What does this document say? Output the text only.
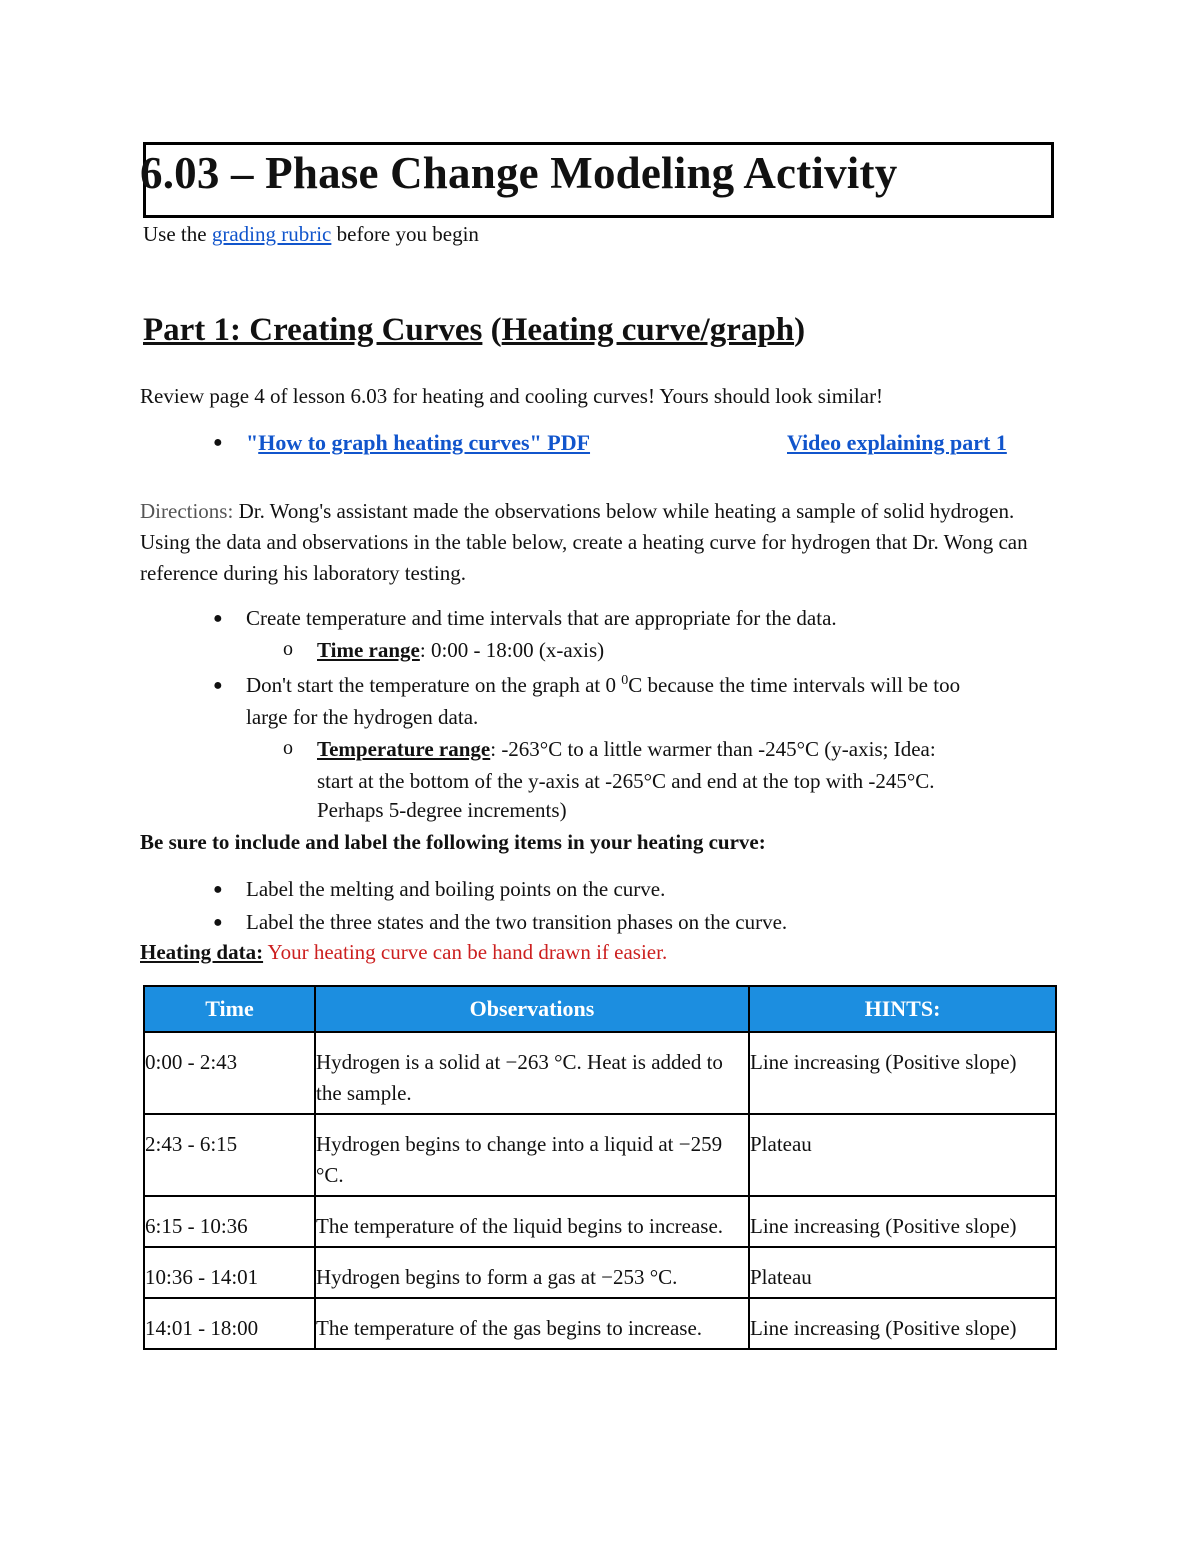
6.03 – Phase Change Modeling Activity
Use the grading rubric before you begin
Part 1: Creating Curves (Heating curve/graph)
Review page 4 of lesson 6.03 for heating and cooling curves! Yours should look similar!
● "How to graph heating curves" PDF	Video explaining part 1
Directions: Dr. Wong's assistant made the observations below while heating a sample of solid hydrogen. Using the data and observations in the table below, create a heating curve for hydrogen that Dr. Wong can reference during his laboratory testing.
● Create temperature and time intervals that are appropriate for the data.
o Time range: 0:00 - 18:00 (x-axis)
● Don't start the temperature on the graph at 0 $^0$C because the time intervals will be too
large for the hydrogen data.
o Temperature range: -263°C to a little warmer than -245°C (y-axis; Idea:
start at the bottom of the y-axis at -265°C and end at the top with -245°C.
Perhaps 5-degree increments)
Be sure to include and label the following items in your heating curve:
● Label the melting and boiling points on the curve.
● Label the three states and the two transition phases on the curve.
Heating data: Your heating curve can be hand drawn if easier.
Time	Observations	HINTS:
0:00 - 2:43	Hydrogen is a solid at −263 °C. Heat is added to the sample.	Line increasing (Positive slope)
2:43 - 6:15	Hydrogen begins to change into a liquid at −259 °C.	Plateau
6:15 - 10:36	The temperature of the liquid begins to increase.	Line increasing (Positive slope)
10:36 - 14:01	Hydrogen begins to form a gas at −253 °C.	Plateau
14:01 - 18:00	The temperature of the gas begins to increase.	Line increasing (Positive slope)
